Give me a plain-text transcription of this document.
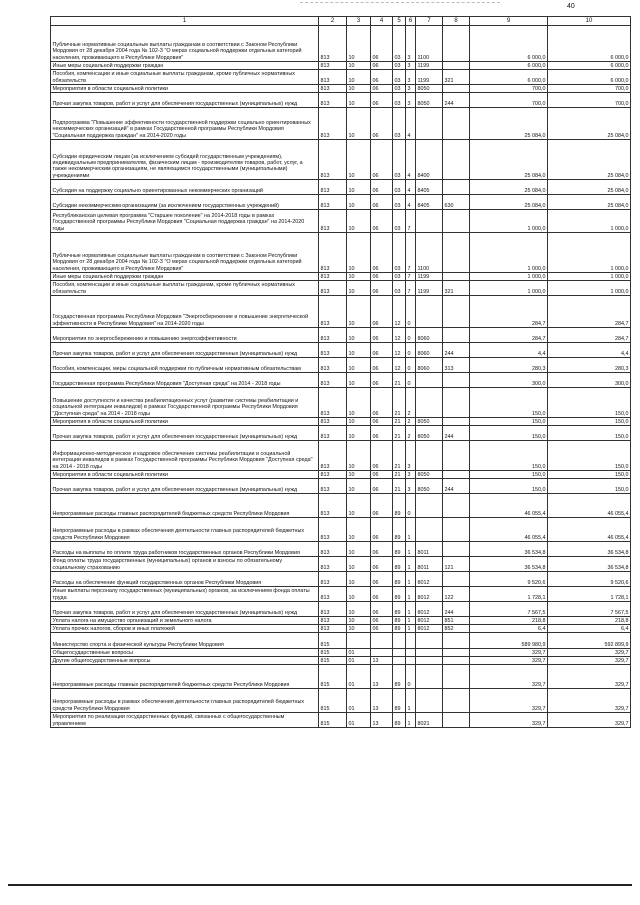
40
1	2	3	4	5	6	7	8	9	10
Публичные нормативные социальные выплаты гражданам в соответствии с Законом Республики Мордовия от 28 декабря 2004 года № 102-З "О мерах социальной поддержки отдельных категорий населения, проживающего в Республике Мордовия"	813	10	06	03	3	1100		6 000,0	6 000,0
Иные меры социальной поддержки граждан	813	10	06	03	3	1199		6 000,0	6 000,0
Пособия, компенсации и иные социальные выплаты гражданам, кроме публичных нормативных обязательств	813	10	06	03	3	1199	321	6 000,0	6 000,0
Мероприятия в области социальной политики	813	10	06	03	3	8050		700,0	700,0
Прочая закупка товаров, работ и услуг для обеспечения государственных (муниципальных) нужд	813	10	06	03	3	8050	244	700,0	700,0
Подпрограмма "Повышение эффективности государственной поддержки социально ориентированных некоммерческих организаций" в рамках Государственной программы Республики Мордовия "Социальная поддержка граждан" на 2014-2020 годы	813	10	06	03	4			25 084,0	25 084,0
Субсидии юридическим лицам (за исключением субсидий государственным учреждениям), индивидуальным предпринимателям, физическим лицам - производителям товаров, работ, услуг, а также некоммерческим организациям, не являющимся государственными (муниципальными) учреждениями	813	10	06	03	4	8400		25 084,0	25 084,0
Субсидия на поддержку социально ориентированных некоммерческих организаций	813	10	06	03	4	8405		25 084,0	25 084,0
Субсидии некоммерческим организациям (за исключением государственных учреждений)	813	10	06	03	4	8405	630	25 084,0	25 084,0
Республиканская целевая программа "Старшее поколение" на 2014-2018 годы в рамках Государственной программы Республики Мордовия "Социальная поддержка граждан" на 2014-2020 годы	813	10	06	03	7			1 000,0	1 000,0
Публичные нормативные социальные выплаты гражданам в соответствии с Законом Республики Мордовия от 28 декабря 2004 года № 102-З "О мерах социальной поддержки отдельных категорий населения, проживающего в Республике Мордовия"	813	10	06	03	7	1100		1 000,0	1 000,0
Иные меры социальной поддержки граждан	813	10	06	03	7	1199		1 000,0	1 000,0
Пособия, компенсации и иные социальные выплаты гражданам, кроме публичных нормативных обязательств	813	10	06	03	7	1199	321	1 000,0	1 000,0
Государственная программа Республики Мордовия "Энергосбережение и повышение энергетической эффективности в Республике Мордовия" на 2014-2020 годы	813	10	06	12	0			284,7	284,7
Мероприятия по энергосбережению и повышению энергоэффективности	813	10	06	12	0	8060		284,7	284,7
Прочая закупка товаров, работ и услуг для обеспечения государственных (муниципальных) нужд	813	10	06	12	0	8060	244	4,4	4,4
Пособия, компенсации, меры социальной поддержки по публичным нормативным обязательствам	813	10	06	12	0	8060	313	280,3	280,3
Государственная программа Республики Мордовия "Доступная среда" на 2014 - 2018 годы	813	10	06	21	0			300,0	300,0
Повышение доступности и качества реабилитационных услуг (развитие системы реабилитации и социальной интеграции инвалидов) в рамках Государственной программы Республики Мордовия "Доступная среда" на 2014 - 2018 годы	813	10	06	21	2			150,0	150,0
Мероприятия в области социальной политики	813	10	06	21	2	8050		150,0	150,0
Прочая закупка товаров, работ и услуг для обеспечения государственных (муниципальных) нужд	813	10	06	21	2	8050	244	150,0	150,0
Информационно-методическое и кадровое обеспечение системы реабилитации и социальной интеграции инвалидов в рамках Государственной программы Республики Мордовия "Доступная среда" на 2014 - 2018 годы	813	10	06	21	3			150,0	150,0
Мероприятия в области социальной политики	813	10	06	21	3	8050		150,0	150,0
Прочая закупка товаров, работ и услуг для обеспечения государственных (муниципальных) нужд	813	10	06	21	3	8050	244	150,0	150,0
Непрограммные расходы главных распорядителей бюджетных средств Республики Мордовия	813	10	06	89	0			46 055,4	46 055,4
Непрограммные расходы в рамках обеспечения деятельности главных распорядителей бюджетных средств Республики Мордовия	813	10	06	89	1			46 055,4	46 055,4
Расходы на выплаты по оплате труда работников государственных органов Республики Мордовия	813	10	06	89	1	8011		36 534,8	36 534,8
Фонд оплаты труда государственных (муниципальных) органов и взносы по обязательному социальному страхованию	813	10	06	89	1	8011	121	36 534,8	36 534,8
Расходы на обеспечение функций государственных органов Республики Мордовия	813	10	06	89	1	8012		9 520,6	9 520,6
Иные выплаты персоналу государственных (муниципальных) органов, за исключением фонда оплаты труда	813	10	06	89	1	8012	122	1 728,1	1 728,1
Прочая закупка товаров, работ и услуг для обеспечения государственных (муниципальных) нужд	813	10	06	89	1	8012	244	7 567,5	7 567,5
Уплата налога на имущество организаций и земельного налога	813	10	06	89	1	8012	851	218,8	218,8
Уплата прочих налогов, сборов и иных платежей	813	10	06	89	1	8012	852	6,4	6,4
Министерство спорта и физической культуры Республики Мордовия	815							589 980,9	592 899,9
Общегосударственные вопросы	815	01						329,7	329,7
Другие общегосударственные вопросы	815	01	13					329,7	329,7
Непрограммные расходы главных распорядителей бюджетных средств Республики Мордовия	815	01	13	89	0			329,7	329,7
Непрограммные расходы в рамках обеспечения деятельности главных распорядителей бюджетных средств Республики Мордовия	815	01	13	89	1			329,7	329,7
Мероприятия по реализации государственных функций, связанных с общегосударственным управлением	815	01	13	89	1	8021		329,7	329,7
